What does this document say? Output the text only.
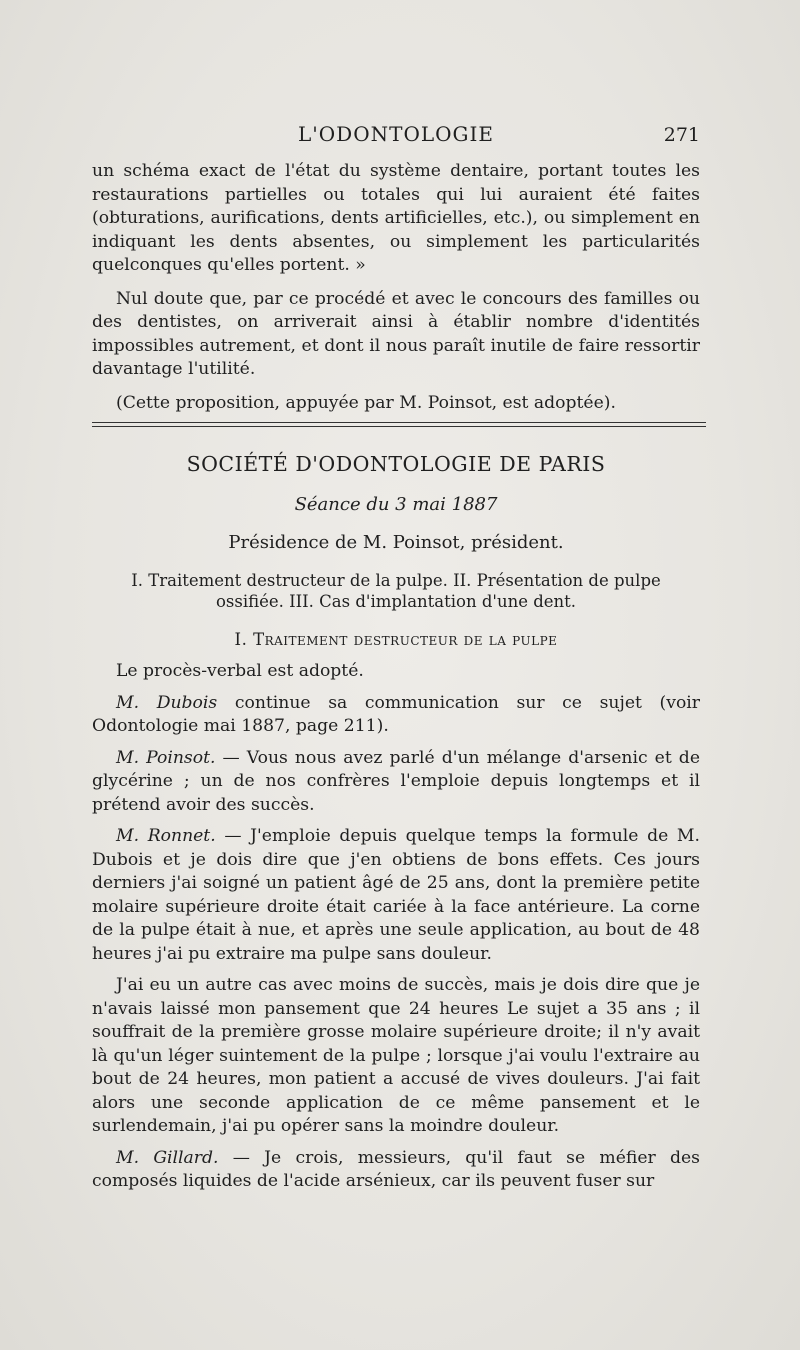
L'ODONTOLOGIE	271

un schéma exact de l'état du système dentaire, portant toutes les restaurations partielles ou totales qui lui auraient été faites (obturations, aurifications, dents artificielles, etc.), ou simplement en indiquant les dents absentes, ou simplement les particularités quelconques qu'elles portent. »

Nul doute que, par ce procédé et avec le concours des familles ou des dentistes, on arriverait ainsi à établir nombre d'identités impossibles autrement, et dont il nous paraît inutile de faire ressortir davantage l'utilité.

(Cette proposition, appuyée par M. Poinsot, est adoptée).

SOCIÉTÉ D'ODONTOLOGIE DE PARIS
Séance du 3 mai 1887
Présidence de M. Poinsot, président.

I. Traitement destructeur de la pulpe. II. Présentation de pulpe

ossifiée. III. Cas d'implantation d'une dent.

I. Traitement destructeur de la pulpe

Le procès-verbal est adopté.

M. Dubois continue sa communication sur ce sujet (voir Odontologie mai 1887, page 211).

M. Poinsot. — Vous nous avez parlé d'un mélange d'arsenic et de glycérine ; un de nos confrères l'emploie depuis longtemps et il prétend avoir des succès.

M. Ronnet. — J'emploie depuis quelque temps la formule de M. Dubois et je dois dire que j'en obtiens de bons effets. Ces jours derniers j'ai soigné un patient âgé de 25 ans, dont la première petite molaire supérieure droite était cariée à la face antérieure. La corne de la pulpe était à nue, et après une seule application, au bout de 48 heures j'ai pu extraire ma pulpe sans douleur.

J'ai eu un autre cas avec moins de succès, mais je dois dire que je n'avais laissé mon pansement que 24 heures Le sujet a 35 ans ; il souffrait de la première grosse molaire supérieure droite; il n'y avait là qu'un léger suintement de la pulpe ; lorsque j'ai voulu l'extraire au bout de 24 heures, mon patient a accusé de vives douleurs. J'ai fait alors une seconde application de ce même pansement et le surlendemain, j'ai pu opérer sans la moindre douleur.

M. Gillard. — Je crois, messieurs, qu'il faut se méfier des composés liquides de l'acide arsénieux, car ils peuvent fuser sur
